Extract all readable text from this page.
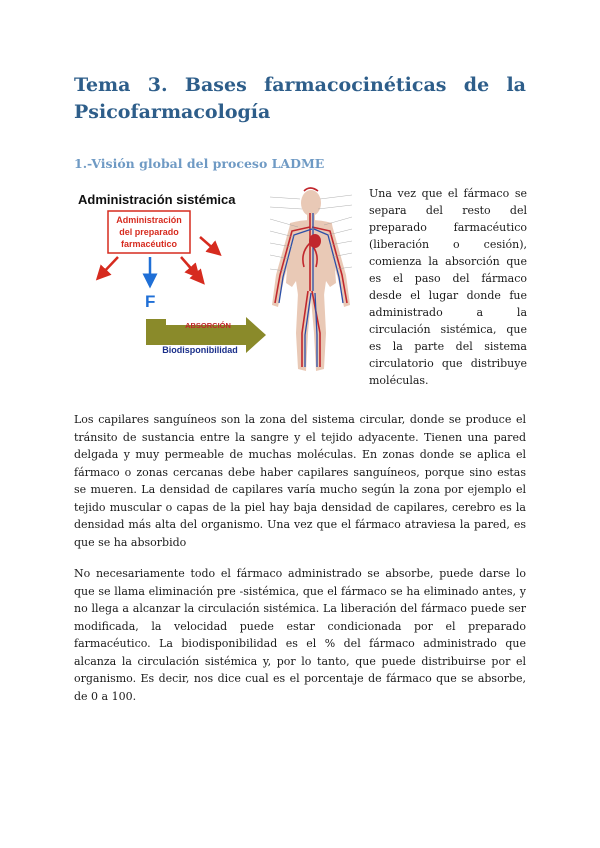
Tema 3. Bases farmacocinéticas de la
Psicofarmacología
1.-Visión global del proceso LADME
Administración sistémica
Administración
del preparado
farmacéutico
F
ABSORCIÓN
Biodisponibilidad

Una vez que el fármaco se separa del resto del preparado farmacéutico (liberación o cesión), comienza la absorción que es el paso del fármaco desde el lugar donde fue administrado a la circulación sistémica, que es la parte del sistema circulatorio que distribuye moléculas.

Los capilares sanguíneos son la zona del sistema circular, donde se produce el tránsito de sustancia entre la sangre y el tejido adyacente. Tienen una pared delgada y muy permeable de muchas moléculas. En zonas donde se aplica el fármaco o zonas cercanas debe haber capilares sanguíneos, porque sino estas se mueren. La densidad de capilares varía mucho según la zona por ejemplo el tejido muscular o capas de la piel hay baja densidad de capilares, cerebro es la densidad más alta del organismo. Una vez que el fármaco atraviesa la pared, es que se ha absorbido

No necesariamente todo el fármaco administrado se absorbe, puede darse lo que se llama eliminación pre -sistémica, que el fármaco se ha eliminado antes, y no llega a alcanzar la circulación sistémica. La liberación del fármaco puede ser modificada, la velocidad puede estar condicionada por el preparado farmacéutico. La biodisponibilidad es el % del fármaco administrado que alcanza la circulación sistémica y, por lo tanto, que puede distribuirse por el organismo. Es decir, nos dice cual es el porcentaje de fármaco que se absorbe, de 0 a 100.
